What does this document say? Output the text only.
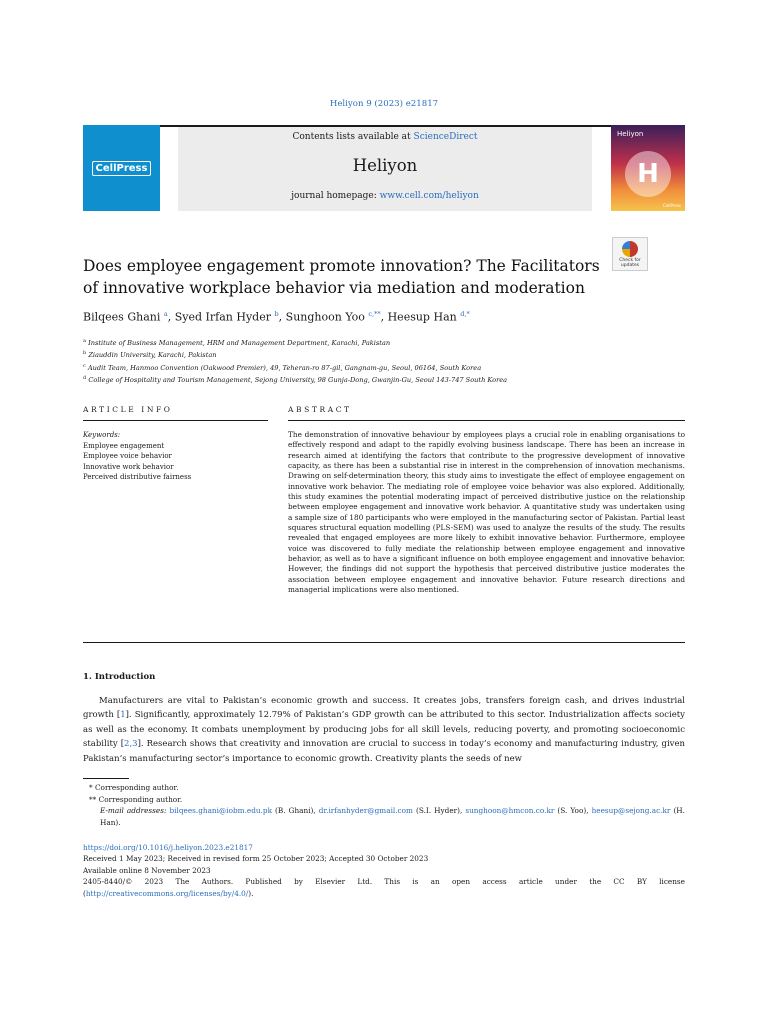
Heliyon 9 (2023) e21817
CellPress
Contents lists available at ScienceDirect
Heliyon
journal homepage: www.cell.com/heliyon
Heliyon
H
CellPress
Check for updates
Does employee engagement promote innovation? The Facilitators
of innovative workplace behavior via mediation and moderation
Bilqees Ghani $^a$, Syed Irfan Hyder $^b$, Sunghoon Yoo $^{c,**}$, Heesup Han $^{d,*}$
$^a$ Institute of Business Management, HRM and Management Department, Karachi, Pakistan
$^b$ Ziauddin University, Karachi, Pakistan
$^c$ Audit Team, Hanmoo Convention (Oakwood Premier), 49, Teheran-ro 87-gil, Gangnam-gu, Seoul, 06164, South Korea
$^d$ College of Hospitality and Tourism Management, Sejong University, 98 Gunja-Dong, Gwanjin-Gu, Seoul 143-747 South Korea
ARTICLE INFO
Keywords:
Employee engagement
Employee voice behavior
Innovative work behavior
Perceived distributive fairness
ABSTRACT
The demonstration of innovative behaviour by employees plays a crucial role in enabling organisations to effectively respond and adapt to the rapidly evolving business landscape. There has been an increase in research aimed at identifying the factors that contribute to the progressive development of innovative capacity, as there has been a substantial rise in interest in the comprehension of innovation mechanisms. Drawing on self-determination theory, this study aims to investigate the effect of employee engagement on innovative work behavior. The mediating role of employee voice behavior was also explored. Additionally, this study examines the potential moderating impact of perceived distributive justice on the relationship between employee engagement and innovative work behavior. A quantitative study was undertaken using a sample size of 180 participants who were employed in the manufacturing sector of Pakistan. Partial least squares structural equation modelling (PLS-SEM) was used to analyze the results of the study. The results revealed that engaged employees are more likely to exhibit innovative behavior. Furthermore, employee voice was discovered to fully mediate the relationship between employee engagement and innovative behavior, as well as to have a significant influence on both employee engagement and innovative behavior. However, the findings did not support the hypothesis that perceived distributive justice moderates the association between employee engagement and innovative behavior. Future research directions and managerial implications were also mentioned.
1. Introduction
Manufacturers are vital to Pakistan’s economic growth and success. It creates jobs, transfers foreign cash, and drives industrial growth [1]. Significantly, approximately 12.79% of Pakistan’s GDP growth can be attributed to this sector. Industrialization affects society as well as the economy. It combats unemployment by producing jobs for all skill levels, reducing poverty, and promoting socioeconomic stability [2,3]. Research shows that creativity and innovation are crucial to success in today’s economy and manufacturing industry, given Pakistan’s manufacturing sector’s importance to economic growth. Creativity plants the seeds of new
* Corresponding author.
** Corresponding author.
E-mail addresses: bilqees.ghani@iobm.edu.pk (B. Ghani), dr.irfanhyder@gmail.com (S.I. Hyder), sunghoon@hmcon.co.kr (S. Yoo), heesup@sejong.ac.kr (H. Han).
https://doi.org/10.1016/j.heliyon.2023.e21817
Received 1 May 2023; Received in revised form 25 October 2023; Accepted 30 October 2023
Available online 8 November 2023
2405-8440/© 2023 The Authors. Published by Elsevier Ltd. This is an open access article under the CC BY license
(http://creativecommons.org/licenses/by/4.0/).
